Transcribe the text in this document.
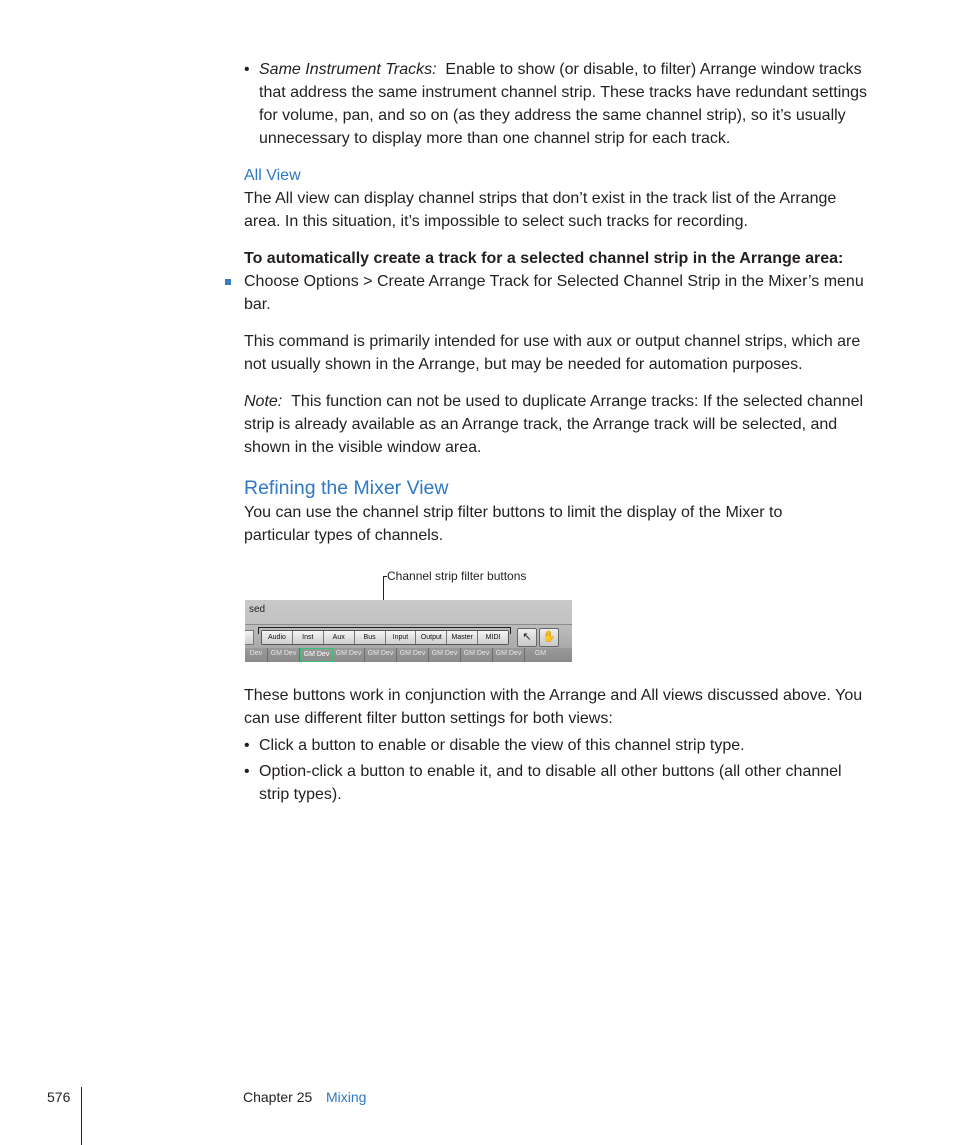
• Same Instrument Tracks: Enable to show (or disable, to filter) Arrange window tracks that address the same instrument channel strip. These tracks have redundant settings for volume, pan, and so on (as they address the same channel strip), so it’s usually unnecessary to display more than one channel strip for each track.
All View

The All view can display channel strips that don’t exist in the track list of the Arrange area. In this situation, it’s impossible to select such tracks for recording.

To automatically create a track for a selected channel strip in the Arrange area:

Choose Options > Create Arrange Track for Selected Channel Strip in the Mixer’s menu bar.

This command is primarily intended for use with aux or output channel strips, which are not usually shown in the Arrange, but may be needed for automation purposes.

Note: This function can not be used to duplicate Arrange tracks: If the selected channel strip is already available as an Arrange track, the Arrange track will be selected, and shown in the visible window area.

Refining the Mixer View

You can use the channel strip filter buttons to limit the display of the Mixer to particular types of channels.

Channel strip filter buttons
sed
Audio	Inst	Aux	Bus	Input	Output	Master	MIDI	↖ ✋
Dev	GM Dev	GM Dev GM Dev GM Dev GM Dev GM Dev GM Dev GM Dev	GM

These buttons work in conjunction with the Arrange and All views discussed above. You can use different filter button settings for both views:

• Click a button to enable or disable the view of this channel strip type.
• Option-click a button to enable it, and to disable all other buttons (all other channel strip types).
576	Chapter 25 Mixing
